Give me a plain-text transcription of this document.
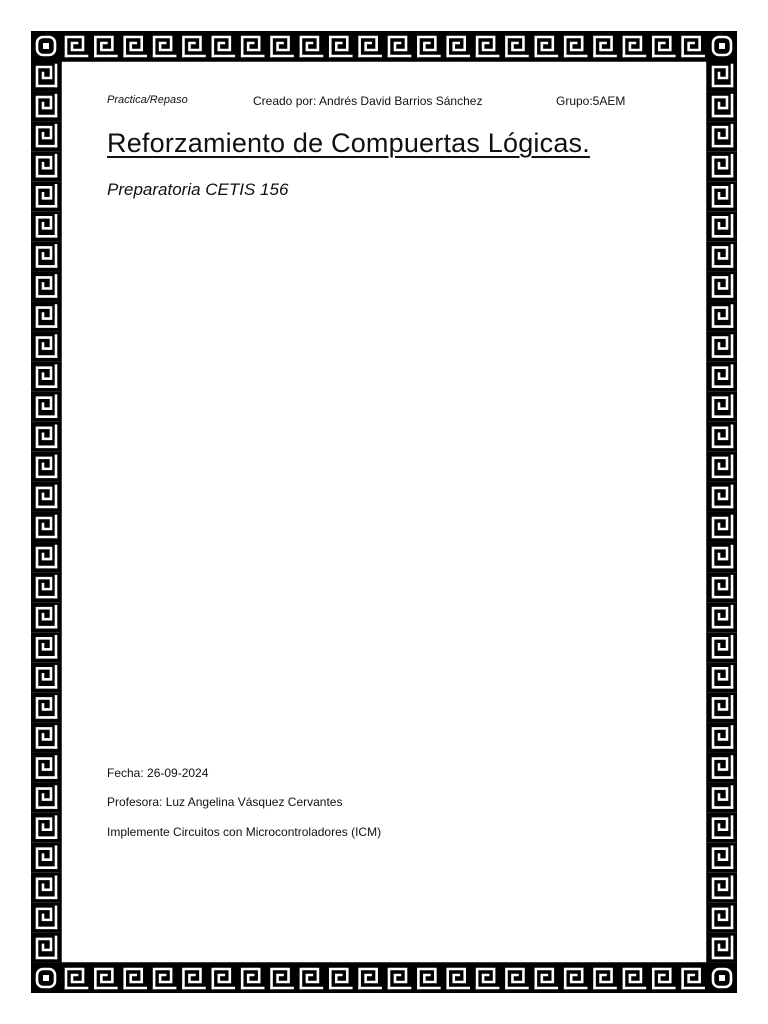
Practica/Repaso	Creado por: Andrés David Barrios Sánchez	Grupo:5AEM
Reforzamiento de Compuertas Lógicas.
Preparatoria CETIS 156
Fecha: 26-09-2024
Profesora: Luz Angelina Vásquez Cervantes
Implemente Circuitos con Microcontroladores (ICM)
